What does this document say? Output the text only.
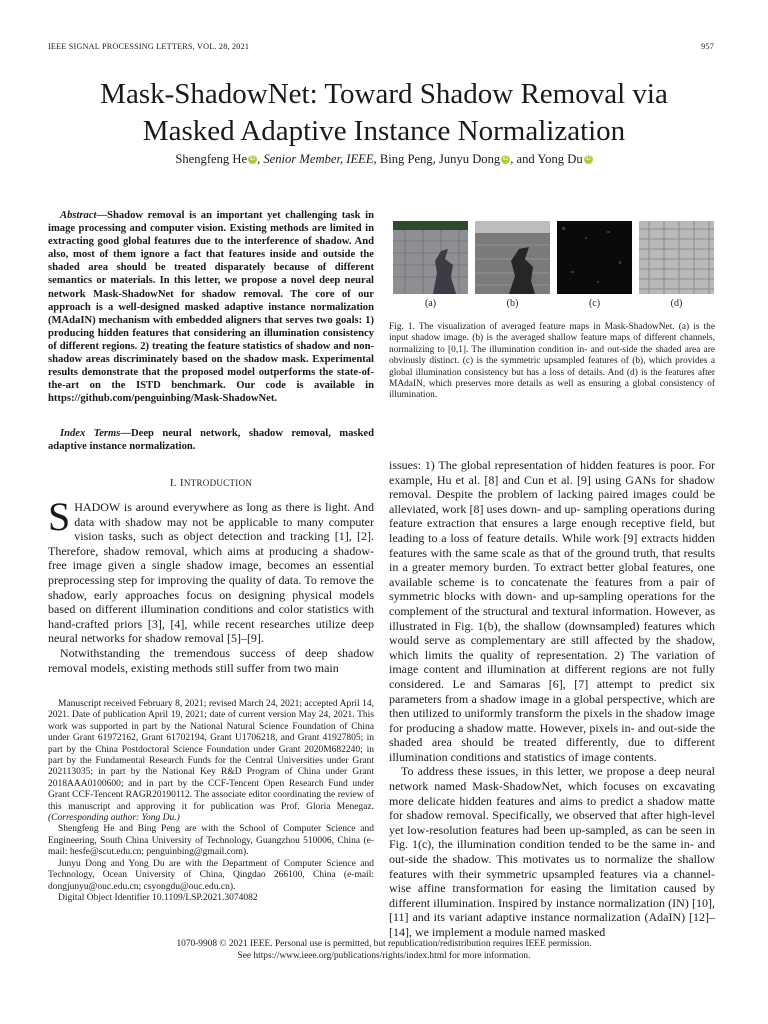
IEEE SIGNAL PROCESSING LETTERS, VOL. 28, 2021	957
Mask-ShadowNet: Toward Shadow Removal via
Masked Adaptive Instance Normalization
Shengfeng He iD , Senior Member, IEEE, Bing Peng, Junyu Dong iD , and Yong Du iD
Abstract—Shadow removal is an important yet challenging task in image processing and computer vision. Existing methods are limited in extracting good global features due to the interference of shadow. And also, most of them ignore a fact that features inside and outside the shaded area should be treated disparately because of different semantics or materials. In this letter, we propose a novel deep neural network Mask-ShadowNet for shadow removal. The core of our approach is a well-designed masked adaptive instance normalization (MAdaIN) mechanism with embedded aligners that serves two goals: 1) producing hidden features that considering an illumination consistency of different regions. 2) treating the feature statistics of shadow and non-shadow areas discriminately based on the shadow mask. Experimental results demonstrate that the proposed model outperforms the state-of-the-art on the ISTD benchmark. Our code is available in https://github.com/penguinbing/Mask-ShadowNet.
Index Terms—Deep neural network, shadow removal, masked adaptive instance normalization.
I. INTRODUCTION

SHADOW is around everywhere as long as there is light. And data with shadow may not be applicable to many computer vision tasks, such as object detection and tracking [1], [2]. Therefore, shadow removal, which aims at producing a shadow-free image given a single shadow image, becomes an essential preprocessing step for improving the quality of data. To remove the shadow, early approaches focus on designing physical models based on different illumination conditions and color statistics with hand-crafted priors [3], [4], while recent researches utilize deep neural networks for shadow removal [5]–[9].

Notwithstanding the tremendous success of deep shadow removal models, existing methods still suffer from two main

Manuscript received February 8, 2021; revised March 24, 2021; accepted April 14, 2021. Date of publication April 19, 2021; date of current version May 24, 2021. This work was supported in part by the National Natural Science Foundation of China under Grant 61972162, Grant 61702194, Grant U1706218, and Grant 41927805; in part by the China Postdoctoral Science Foundation under Grant 2020M682240; in part by the Fundamental Research Funds for the Central Universities under Grant 202113035; in part by the National Key R&D Program of China under Grant 2018AAA0100600; and in part by the CCF-Tencent Open Research Fund under Grant CCF-Tencent RAGR20190112. The associate editor coordinating the review of this manuscript and approving it for publication was Prof. Gloria Menegaz. (Corresponding author: Yong Du.)

Shengfeng He and Bing Peng are with the School of Computer Science and Engineering, South China University of Technology, Guangzhou 510006, China (e-mail: hesfe@scut.edu.cn; penguinbing@gmail.com).

Junyu Dong and Yong Du are with the Department of Computer Science and Technology, Ocean University of China, Qingdao 266100, China (e-mail: dongjunyu@ouc.edu.cn; csyongdu@ouc.edu.cn).

Digital Object Identifier 10.1109/LSP.2021.3074082

(a)	(b)	(c)	(d)
Fig. 1. The visualization of averaged feature maps in Mask-ShadowNet. (a) is the input shadow image. (b) is the averaged shallow feature maps of different channels, normalizing to [0,1]. The illumination condition in- and out-side the shaded area are obviously distinct. (c) is the symmetric upsampled features of (b), which provides a global illumination consistency but has a loss of details. And (d) is the features after MAdaIN, which preserves more details as well as ensuring a global consistency of illumination.

issues: 1) The global representation of hidden features is poor. For example, Hu et al. [8] and Cun et al. [9] using GANs for shadow removal. Despite the problem of lacking paired images could be alleviated, work [8] uses down- and up- sampling operations during feature extraction that ensures a large enough receptive field, but leading to a loss of feature details. While work [9] extracts hidden features with the same scale as that of the ground truth, that results in a greater memory burden. To extract better global features, one available scheme is to concatenate the features from a pair of symmetric blocks with down- and up-sampling operations for the complement of the structural and textural information. However, as illustrated in Fig. 1(b), the shallow (downsampled) features which would serve as complementary are still affected by the shadow, which limits the quality of representation. 2) The variation of image content and illumination at different regions are not fully considered. Le and Samaras [6], [7] attempt to predict six parameters from a shadow image in a global perspective, which are then utilized to uniformly transform the pixels in the shadow image for producing a shadow matte. However, pixels in- and out-side the shaded area should be treated differently, due to different illumination conditions and statistics of image contents.

To address these issues, in this letter, we propose a deep neural network named Mask-ShadowNet, which focuses on excavating more delicate hidden features and aims to predict a shadow matte for shadow removal. Specifically, we observed that after high-level yet low-resolution features had been up-sampled, as can be seen in Fig. 1(c), the illumination condition tended to be the same in- and out-side the shadow. This motivates us to normalize the shallow features with their symmetric upsampled features via a channel-wise affine transformation for easing the limitation caused by different illumination. Inspired by instance normalization (IN) [10], [11] and its variant adaptive instance normalization (AdaIN) [12]–[14], we implement a module named masked

1070-9908 © 2021 IEEE. Personal use is permitted, but republication/redistribution requires IEEE permission.
See https://www.ieee.org/publications/rights/index.html for more information.
